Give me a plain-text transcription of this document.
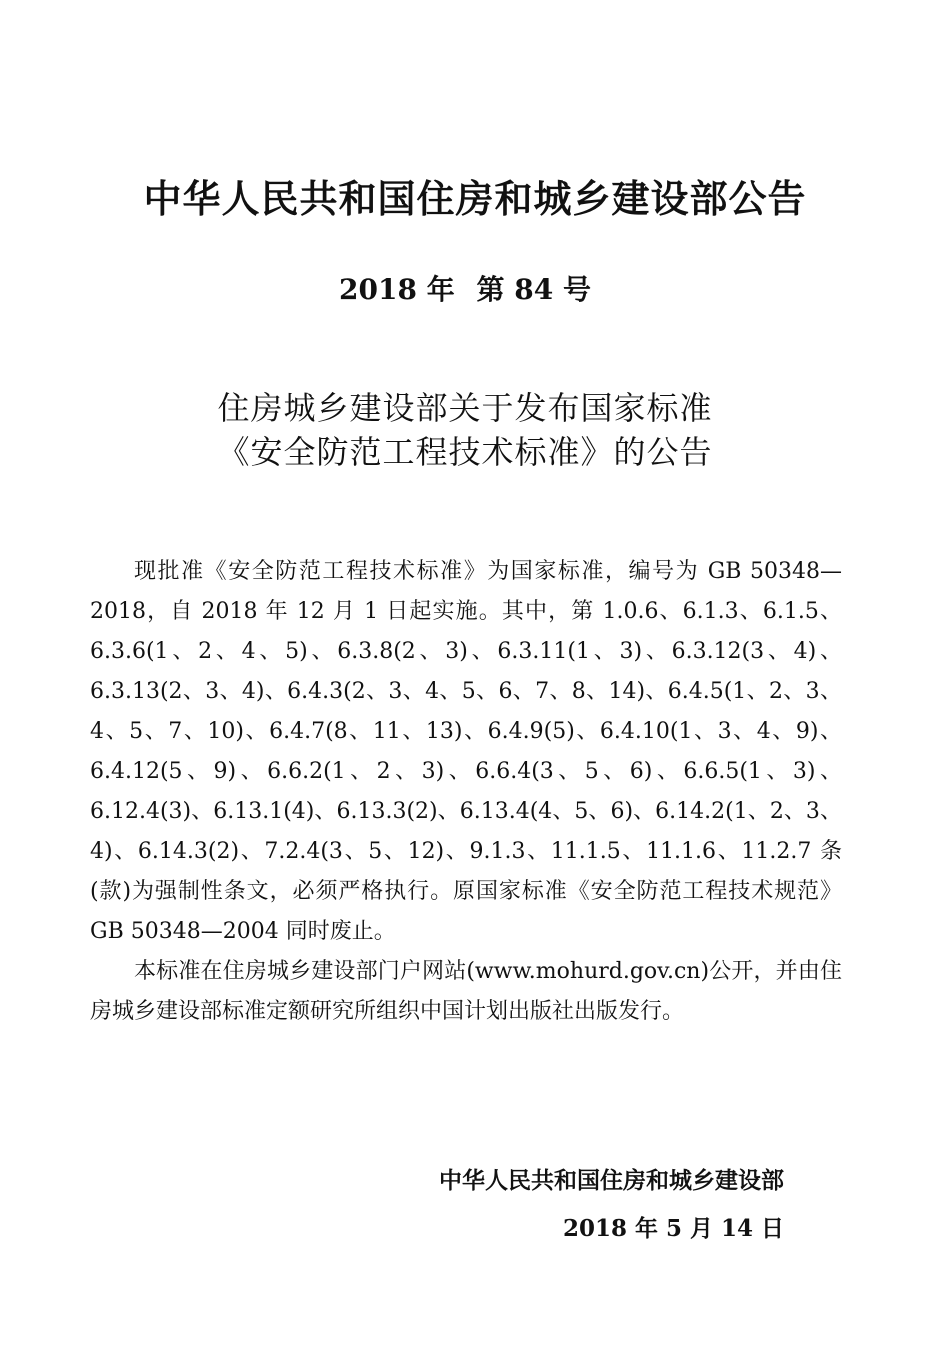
中华人民共和国住房和城乡建设部公告
2018 年 第 84 号
住房城乡建设部关于发布国家标准
《安全防范工程技术标准》的公告

现批准《安全防范工程技术标准》为国家标准，编号为 GB 50348—2018，自 2018 年 12 月 1 日起实施。其中，第 1.0.6、6.1.3、6.1.5、6.3.6(1、2、4、5)、6.3.8(2、3)、6.3.11(1、3)、6.3.12(3、4)、6.3.13(2、3、4)、6.4.3(2、3、4、5、6、7、8、14)、6.4.5(1、2、3、4、5、7、10)、6.4.7(8、11、13)、6.4.9(5)、6.4.10(1、3、4、9)、6.4.12(5、9)、6.6.2(1、2、3)、6.6.4(3、5、6)、6.6.5(1、3)、6.12.4(3)、6.13.1(4)、6.13.3(2)、6.13.4(4、5、6)、6.14.2(1、2、3、4)、6.14.3(2)、7.2.4(3、5、12)、9.1.3、11.1.5、11.1.6、11.2.7 条(款)为强制性条文，必须严格执行。原国家标准《安全防范工程技术规范》GB 50348—2004 同时废止。

本标准在住房城乡建设部门户网站(www.mohurd.gov.cn)公开，并由住房城乡建设部标准定额研究所组织中国计划出版社出版发行。

中华人民共和国住房和城乡建设部
2018 年 5 月 14 日
